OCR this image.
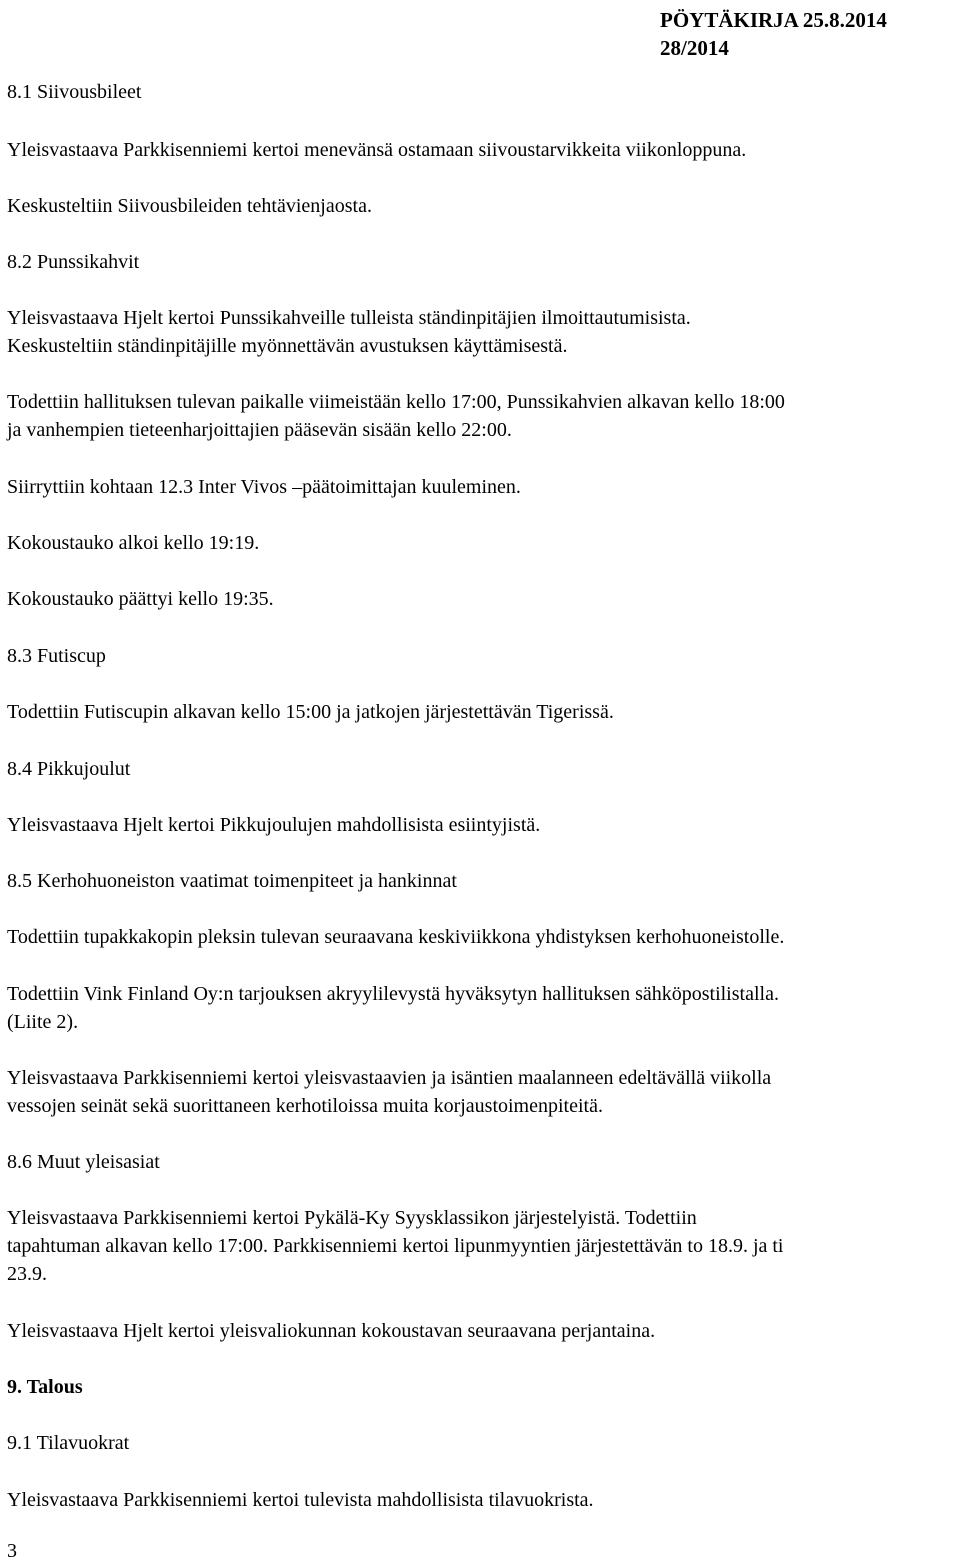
PÖYTÄKIRJA 25.8.2014
28/2014
8.1 Siivousbileet
Yleisvastaava Parkkisenniemi kertoi menevänsä ostamaan siivoustarvikkeita viikonloppuna.
Keskusteltiin Siivousbileiden tehtävienjaosta.
8.2 Punssikahvit
Yleisvastaava Hjelt kertoi Punssikahveille tulleista ständinpitäjien ilmoittautumisista.
Keskusteltiin ständinpitäjille myönnettävän avustuksen käyttämisestä.
Todettiin hallituksen tulevan paikalle viimeistään kello 17:00, Punssikahvien alkavan kello 18:00
ja vanhempien tieteenharjoittajien pääsevän sisään kello 22:00.
Siirryttiin kohtaan 12.3 Inter Vivos –päätoimittajan kuuleminen.
Kokoustauko alkoi kello 19:19.
Kokoustauko päättyi kello 19:35.
8.3 Futiscup
Todettiin Futiscupin alkavan kello 15:00 ja jatkojen järjestettävän Tigerissä.
8.4 Pikkujoulut
Yleisvastaava Hjelt kertoi Pikkujoulujen mahdollisista esiintyjistä.
8.5 Kerhohuoneiston vaatimat toimenpiteet ja hankinnat
Todettiin tupakkakopin pleksin tulevan seuraavana keskiviikkona yhdistyksen kerhohuoneistolle.
Todettiin Vink Finland Oy:n tarjouksen akryylilevystä hyväksytyn hallituksen sähköpostilistalla.
(Liite 2).
Yleisvastaava Parkkisenniemi kertoi yleisvastaavien ja isäntien maalanneen edeltävällä viikolla
vessojen seinät sekä suorittaneen kerhotiloissa muita korjaustoimenpiteitä.
8.6 Muut yleisasiat
Yleisvastaava Parkkisenniemi kertoi Pykälä-Ky Syysklassikon järjestelyistä. Todettiin
tapahtuman alkavan kello 17:00. Parkkisenniemi kertoi lipunmyyntien järjestettävän to 18.9. ja ti
23.9.
Yleisvastaava Hjelt kertoi yleisvaliokunnan kokoustavan seuraavana perjantaina.
9. Talous
9.1 Tilavuokrat
Yleisvastaava Parkkisenniemi kertoi tulevista mahdollisista tilavuokrista.
3
